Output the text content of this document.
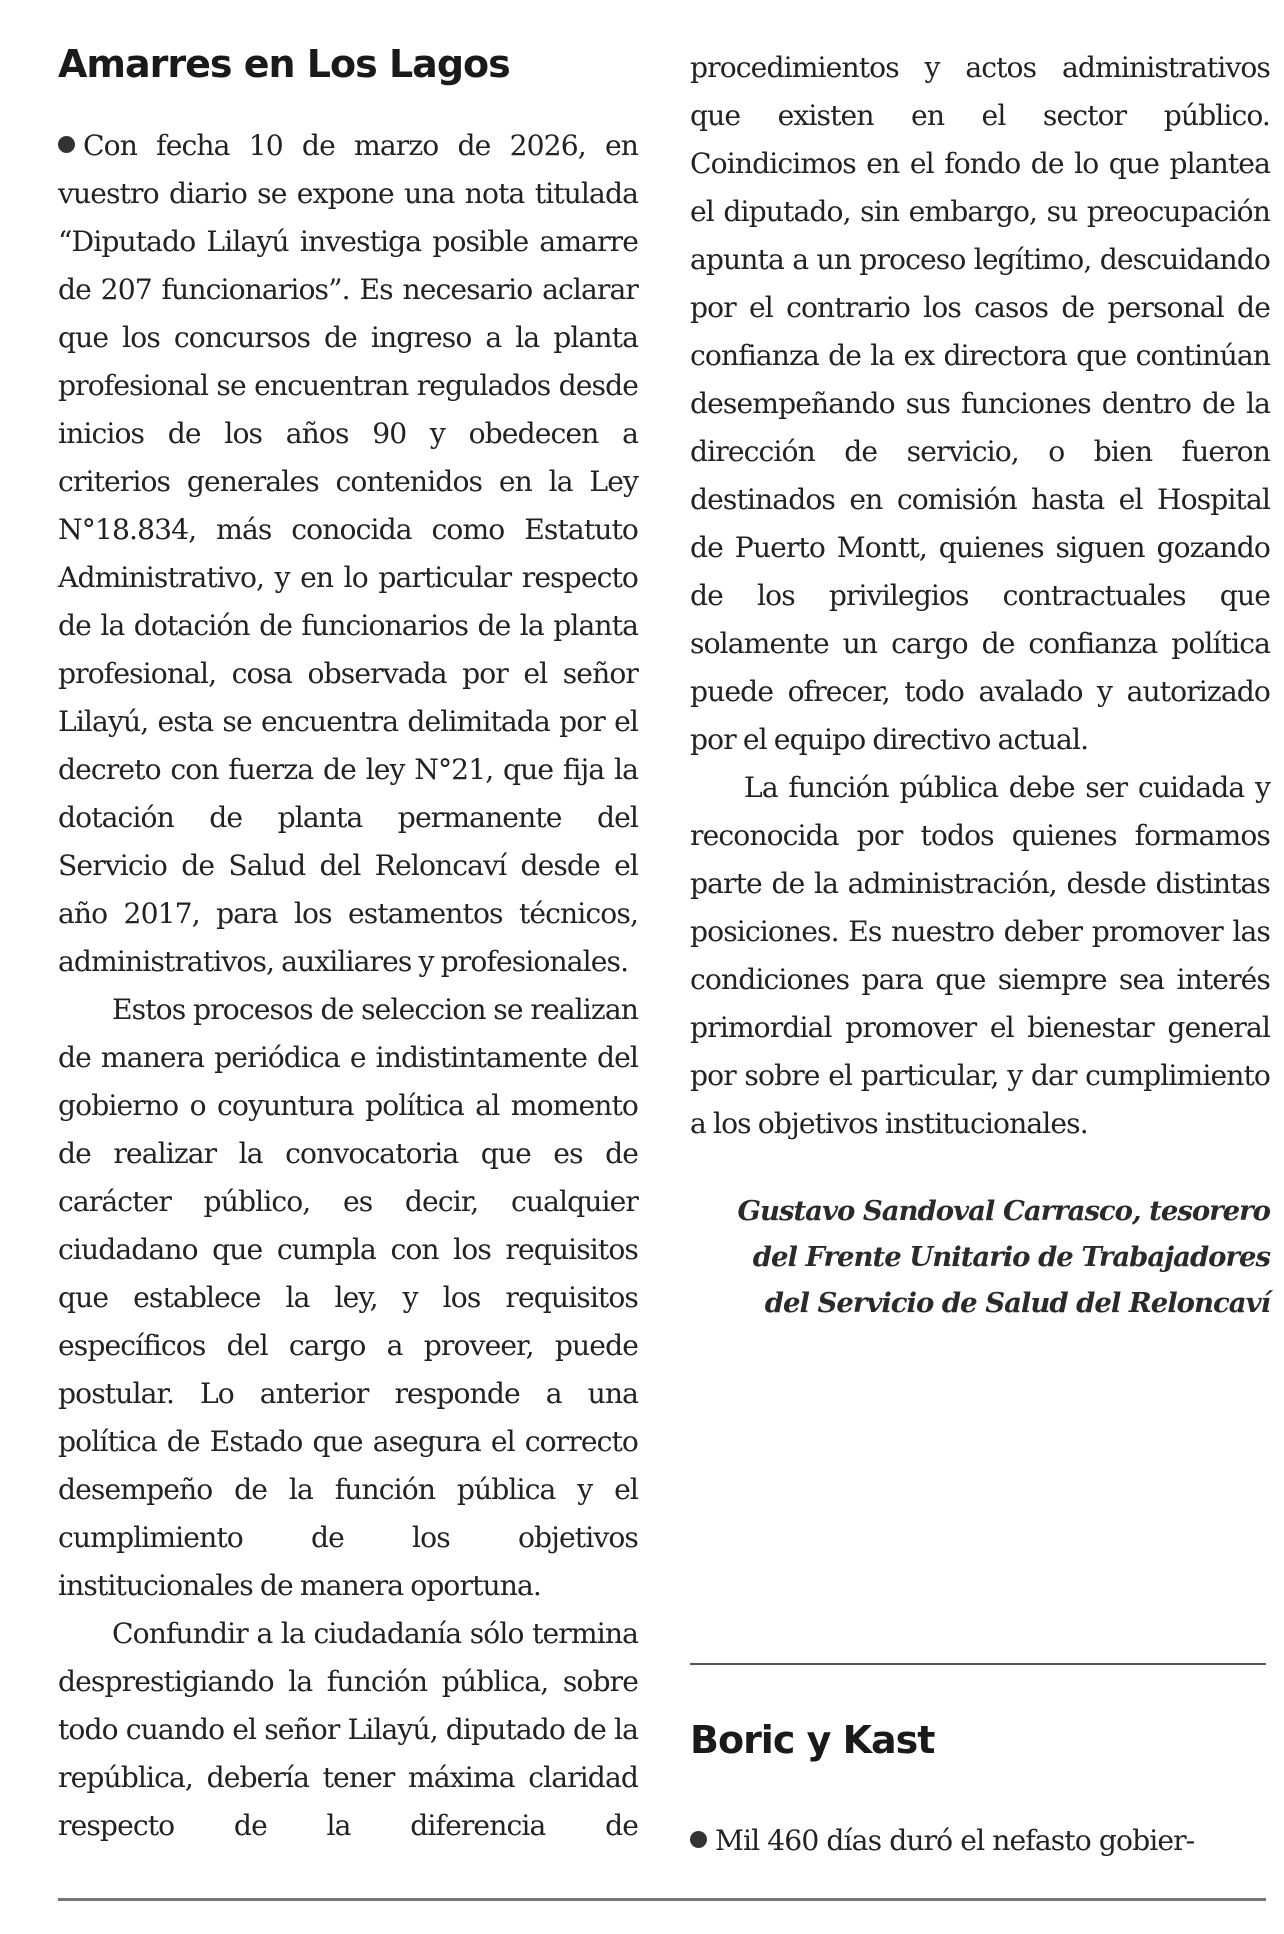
Amarres en Los Lagos

Con fecha 10 de marzo de 2026, en vuestro diario se expone una nota titulada “Diputado Lilayú investiga posible amarre de 207 funcionarios”. Es necesario aclarar que los concursos de ingreso a la planta profesional se encuentran regulados desde inicios de los años 90 y obedecen a criterios generales contenidos en la Ley N°18.834, más conocida como Estatuto Administrativo, y en lo particular respecto de la dotación de funcionarios de la planta profesional, cosa observada por el señor Lilayú, esta se encuentra delimitada por el decreto con fuerza de ley N°21, que fija la dotación de planta permanente del Servicio de Salud del Reloncaví desde el año 2017, para los estamentos técnicos, administrativos, auxiliares y profesionales.

Estos procesos de seleccion se realizan de manera periódica e indistintamente del gobierno o coyuntura política al momento de realizar la convocatoria que es de carácter público, es decir, cualquier ciudadano que cumpla con los requisitos que establece la ley, y los requisitos específicos del cargo a proveer, puede postular. Lo anterior responde a una política de Estado que asegura el correcto desempeño de la función pública y el cumplimiento de los objetivos institucionales de manera oportuna.

Confundir a la ciudadanía sólo termina desprestigiando la función pública, sobre todo cuando el señor Lilayú, diputado de la república, debería tener máxima claridad respecto de la diferencia de

procedimientos y actos administrativos que existen en el sector público. Coindicimos en el fondo de lo que plantea el diputado, sin embargo, su preocupación apunta a un proceso legítimo, descuidando por el contrario los casos de personal de confianza de la ex directora que continúan desempeñando sus funciones dentro de la dirección de servicio, o bien fueron destinados en comisión hasta el Hospital de Puerto Montt, quienes siguen gozando de los privilegios contractuales que solamente un cargo de confianza política puede ofrecer, todo avalado y autorizado por el equipo directivo actual.

La función pública debe ser cuidada y reconocida por todos quienes formamos parte de la administración, desde distintas posiciones. Es nuestro deber promover las condiciones para que siempre sea interés primordial promover el bienestar general por sobre el particular, y dar cumplimiento a los objetivos institucionales.

Gustavo Sandoval Carrasco, tesorero
del Frente Unitario de Trabajadores
del Servicio de Salud del Reloncaví
Boric y Kast

Mil 460 días duró el nefasto gobier-
